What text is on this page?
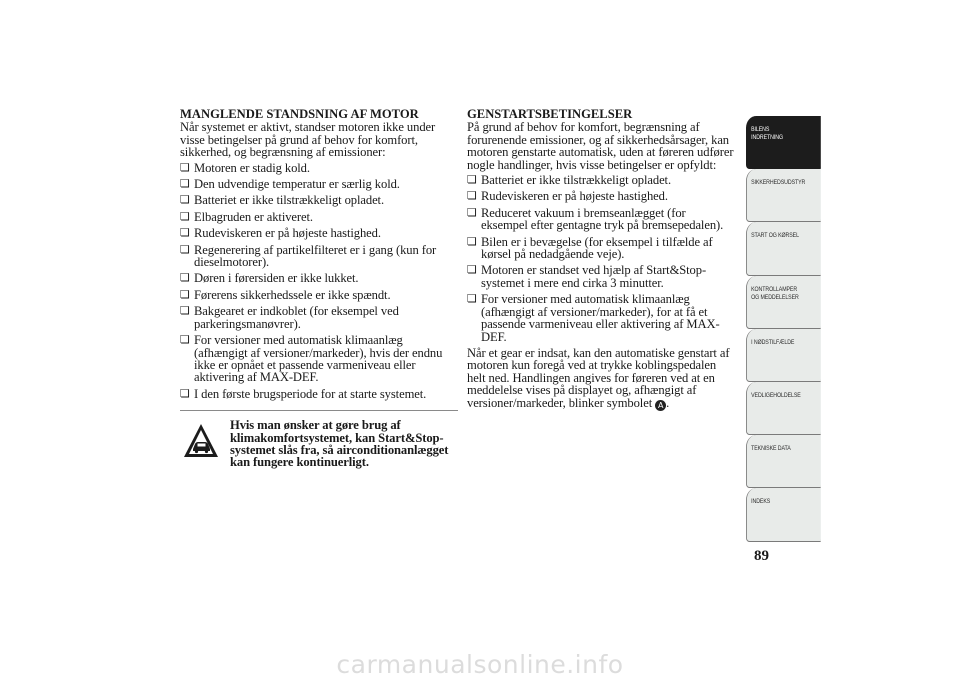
MANGLENDE STANDSNING AF MOTOR

Når systemet er aktivt, standser motoren ikke under visse betingelser på grund af behov for komfort, sikkerhed, og begrænsning af emissioner:

❏ Motoren er stadig kold.
❏ Den udvendige temperatur er særlig kold.
❏ Batteriet er ikke tilstrækkeligt opladet.
❏ Elbagruden er aktiveret.
❏ Rudeviskeren er på højeste hastighed.
❏ Regenerering af partikelfilteret er i gang (kun for dieselmotorer).
❏ Døren i førersiden er ikke lukket.
❏ Førerens sikkerhedssele er ikke spændt.
❏ Bakgearet er indkoblet (for eksempel ved parkeringsmanøvrer).
❏ For versioner med automatisk klimaanlæg (afhængigt af versioner/markeder), hvis der endnu ikke er opnået et passende varmeniveau eller aktivering af MAX-DEF.
❏ I den første brugsperiode for at starte systemet.
Hvis man ønsker at gøre brug af klimakomfortsystemet, kan Start&Stop-systemet slås fra, så airconditionanlægget kan fungere kontinuerligt.
GENSTARTSBETINGELSER

På grund af behov for komfort, begrænsning af forurenende emissioner, og af sikkerhedsårsager, kan motoren genstarte automatisk, uden at føreren udfører nogle handlinger, hvis visse betingelser er opfyldt:

❏ Batteriet er ikke tilstrækkeligt opladet.
❏ Rudeviskeren er på højeste hastighed.
❏ Reduceret vakuum i bremseanlægget (for eksempel efter gentagne tryk på bremsepedalen).
❏ Bilen er i bevægelse (for eksempel i tilfælde af kørsel på nedadgående veje).
❏ Motoren er standset ved hjælp af Start&Stop-systemet i mere end cirka 3 minutter.
❏ For versioner med automatisk klimaanlæg (afhængigt af versioner/markeder), for at få et passende varmeniveau eller aktivering af MAX-DEF.

Når et gear er indsat, kan den automatiske genstart af motoren kun foregå ved at trykke koblingspedalen helt ned. Handlingen angives for føreren ved at en meddelelse vises på displayet og, afhængigt af versioner/markeder, blinker symbolet A .

BILENS
INDRETNING
SIKKERHEDSUDSTYR
START OG KØRSEL
KONTROLLAMPER
OG MEDDELELSER
I NØDSTILFÆLDE
VEDLIGEHOLDELSE
TEKNISKE DATA
INDEKS
89
carmanualsonline.info
